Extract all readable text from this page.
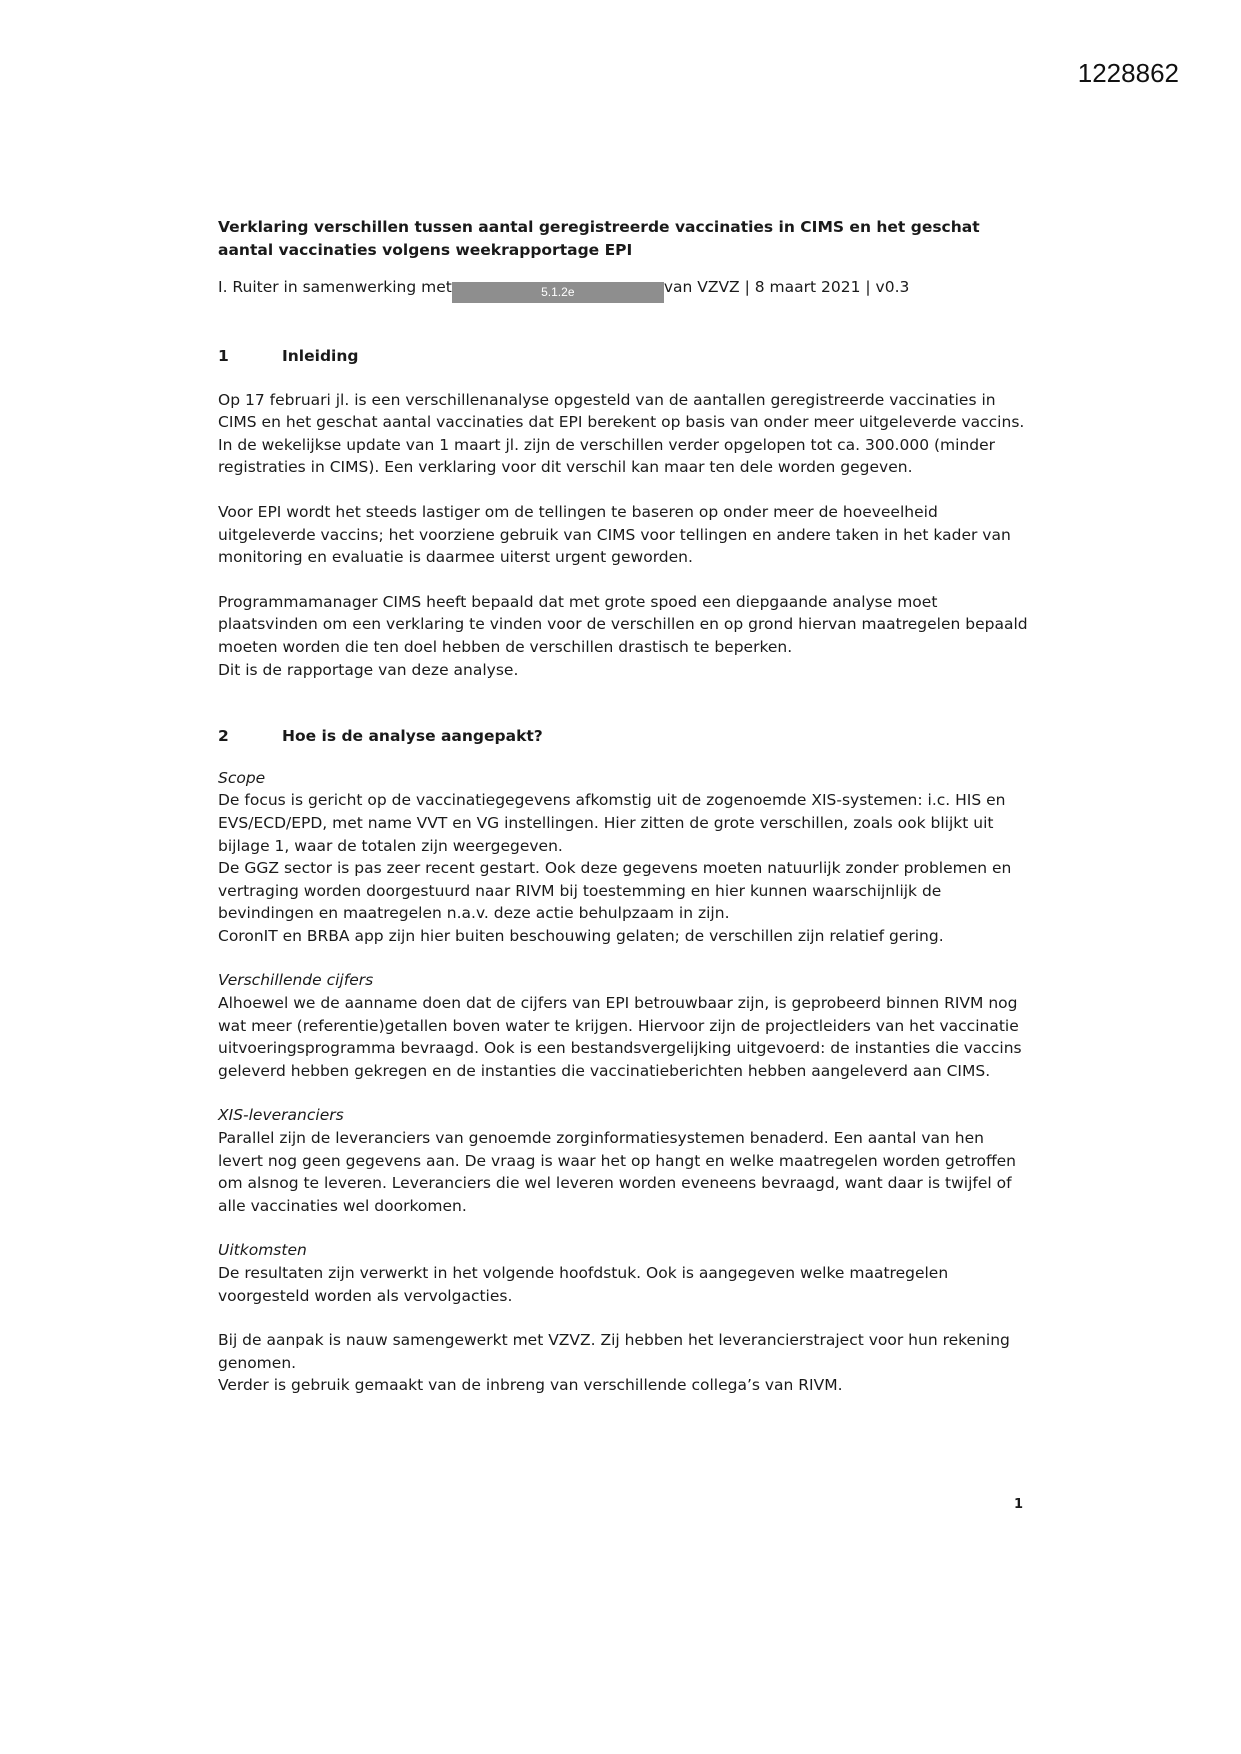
1228862
Verklaring verschillen tussen aantal geregistreerde vaccinaties in CIMS en het geschat aantal vaccinaties volgens weekrapportage EPI
I. Ruiter in samenwerking met	5.1.2e	van VZVZ | 8 maart 2021 | v0.3
1	Inleiding

Op 17 februari jl. is een verschillenanalyse opgesteld van de aantallen geregistreerde vaccinaties in CIMS en het geschat aantal vaccinaties dat EPI berekent op basis van onder meer uitgeleverde vaccins. In de wekelijkse update van 1 maart jl. zijn de verschillen verder opgelopen tot ca. 300.000 (minder registraties in CIMS). Een verklaring voor dit verschil kan maar ten dele worden gegeven.

Voor EPI wordt het steeds lastiger om de tellingen te baseren op onder meer de hoeveelheid uitgeleverde vaccins; het voorziene gebruik van CIMS voor tellingen en andere taken in het kader van monitoring en evaluatie is daarmee uiterst urgent geworden.

Programmamanager CIMS heeft bepaald dat met grote spoed een diepgaande analyse moet plaatsvinden om een verklaring te vinden voor de verschillen en op grond hiervan maatregelen bepaald moeten worden die ten doel hebben de verschillen drastisch te beperken.

Dit is de rapportage van deze analyse.

2	Hoe is de analyse aangepakt?
Scope

De focus is gericht op de vaccinatiegegevens afkomstig uit de zogenoemde XIS-systemen: i.c. HIS en EVS/ECD/EPD, met name VVT en VG instellingen. Hier zitten de grote verschillen, zoals ook blijkt uit bijlage 1, waar de totalen zijn weergegeven.

De GGZ sector is pas zeer recent gestart. Ook deze gegevens moeten natuurlijk zonder problemen en vertraging worden doorgestuurd naar RIVM bij toestemming en hier kunnen waarschijnlijk de bevindingen en maatregelen n.a.v. deze actie behulpzaam in zijn.

CoronIT en BRBA app zijn hier buiten beschouwing gelaten; de verschillen zijn relatief gering.

Verschillende cijfers

Alhoewel we de aanname doen dat de cijfers van EPI betrouwbaar zijn, is geprobeerd binnen RIVM nog wat meer (referentie)getallen boven water te krijgen. Hiervoor zijn de projectleiders van het vaccinatie uitvoeringsprogramma bevraagd. Ook is een bestandsvergelijking uitgevoerd: de instanties die vaccins geleverd hebben gekregen en de instanties die vaccinatieberichten hebben aangeleverd aan CIMS.

XIS-leveranciers

Parallel zijn de leveranciers van genoemde zorginformatiesystemen benaderd. Een aantal van hen levert nog geen gegevens aan. De vraag is waar het op hangt en welke maatregelen worden getroffen om alsnog te leveren. Leveranciers die wel leveren worden eveneens bevraagd, want daar is twijfel of alle vaccinaties wel doorkomen.

Uitkomsten

De resultaten zijn verwerkt in het volgende hoofdstuk. Ook is aangegeven welke maatregelen voorgesteld worden als vervolgacties.

Bij de aanpak is nauw samengewerkt met VZVZ. Zij hebben het leverancierstraject voor hun rekening genomen.

Verder is gebruik gemaakt van de inbreng van verschillende collega’s van RIVM.

1
